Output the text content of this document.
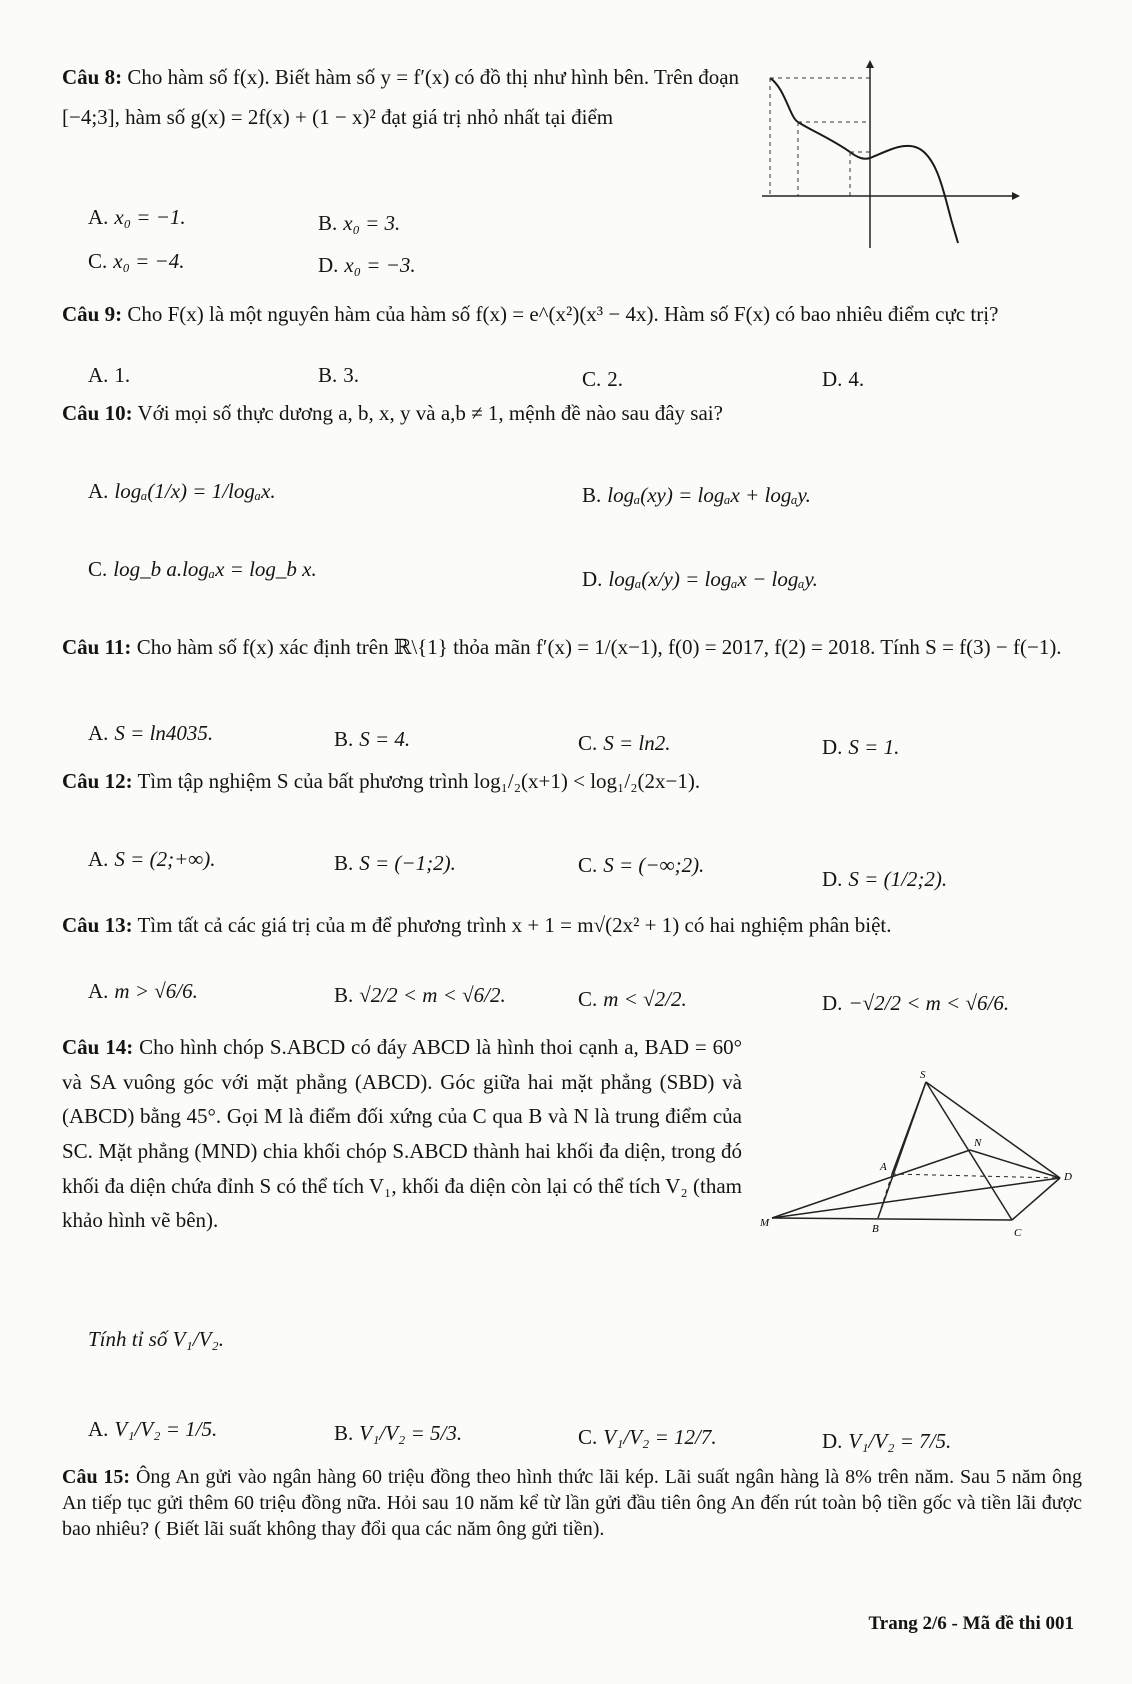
Câu 8: Cho hàm số f(x). Biết hàm số y = f′(x) có đồ thị như hình bên. Trên đoạn [−4;3], hàm số g(x) = 2f(x) + (1 − x)² đạt giá trị nhỏ nhất tại điểm

A. x₀ = −1.	B. x₀ = 3.
C. x₀ = −4.	D. x₀ = −3.

Câu 9: Cho F(x) là một nguyên hàm của hàm số f(x) = e^(x²)(x³ − 4x). Hàm số F(x) có bao nhiêu điểm cực trị?

A. 1.	B. 3.	C. 2.	D. 4.

Câu 10: Với mọi số thực dương a, b, x, y và a,b ≠ 1, mệnh đề nào sau đây sai?

A. logₐ(1/x) = 1/logₐx.	B. logₐ(xy) = logₐx + logₐy.
C. log_b a.logₐx = log_b x.	D. logₐ(x/y) = logₐx − logₐy.

Câu 11: Cho hàm số f(x) xác định trên ℝ\{1} thỏa mãn f′(x) = 1/(x−1), f(0) = 2017, f(2) = 2018. Tính S = f(3) − f(−1).

A. S = ln4035.	B. S = 4.	C. S = ln2.	D. S = 1.

Câu 12: Tìm tập nghiệm S của bất phương trình log₁/₂(x+1) < log₁/₂(2x−1).

A. S = (2;+∞).	B. S = (−1;2).	C. S = (−∞;2).
D. S = (1/2;2).

Câu 13: Tìm tất cả các giá trị của m để phương trình x + 1 = m√(2x² + 1) có hai nghiệm phân biệt.

A. m > √6/6.	B. √2/2 < m < √6/2.	C. m < √2/2.	D. −√2/2 < m < √6/6.

Câu 14: Cho hình chóp S.ABCD có đáy ABCD là hình thoi cạnh a, BAD = 60° và SA vuông góc với mặt phẳng (ABCD). Góc giữa hai mặt phẳng (SBD) và (ABCD) bằng 45°. Gọi M là điểm đối xứng của C qua B và N là trung điểm của SC. Mặt phẳng (MND) chia khối chóp S.ABCD thành hai khối đa diện, trong đó khối đa diện chứa đỉnh S có thể tích V₁, khối đa diện còn lại có thể tích V₂ (tham khảo hình vẽ bên).

Tính tỉ số V₁/V₂.
A. V₁/V₂ = 1/5.	B. V₁/V₂ = 5/3.	C. V₁/V₂ = 12/7.	D. V₁/V₂ = 7/5.
S
A
B	C
D
M
N

Câu 15: Ông An gửi vào ngân hàng 60 triệu đồng theo hình thức lãi kép. Lãi suất ngân hàng là 8% trên năm. Sau 5 năm ông An tiếp tục gửi thêm 60 triệu đồng nữa. Hỏi sau 10 năm kể từ lần gửi đầu tiên ông An đến rút toàn bộ tiền gốc và tiền lãi được bao nhiêu? ( Biết lãi suất không thay đổi qua các năm ông gửi tiền).

Trang 2/6 - Mã đề thi 001
